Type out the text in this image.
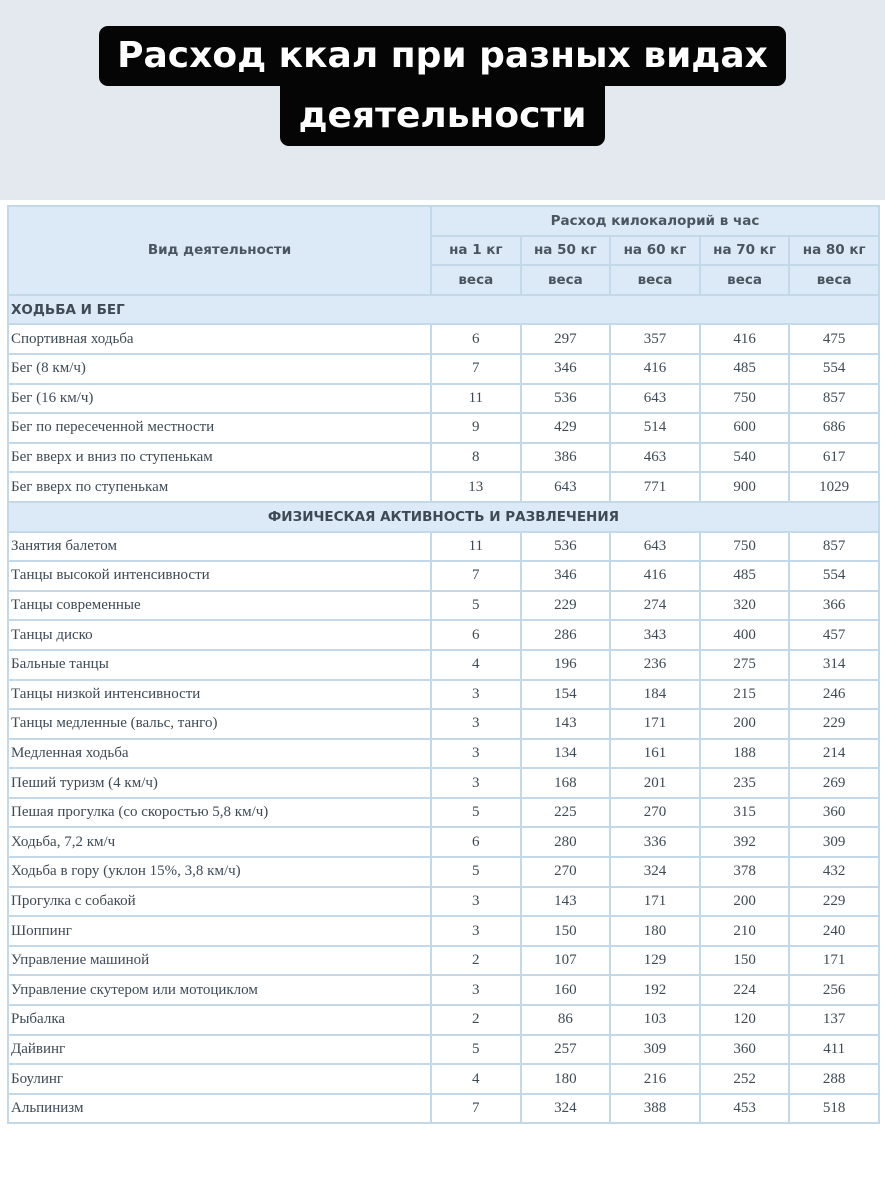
Расход ккал при разных видах
деятельности
Вид деятельности	Расход килокалорий в час				
	на 1 кг	на 50 кг	на 60 кг	на 70 кг	на 80 кг
	веса	веса	веса	веса	веса
ХОДЬБА И БЕГ					
Спортивная ходьба	6	297	357	416	475
Бег (8 км/ч)	7	346	416	485	554
Бег (16 км/ч)	11	536	643	750	857
Бег по пересеченной местности	9	429	514	600	686
Бег вверх и вниз по ступенькам	8	386	463	540	617
Бег вверх по ступенькам	13	643	771	900	1029
ФИЗИЧЕСКАЯ АКТИВНОСТЬ И РАЗВЛЕЧЕНИЯ					
Занятия балетом	11	536	643	750	857
Танцы высокой интенсивности	7	346	416	485	554
Танцы современные	5	229	274	320	366
Танцы диско	6	286	343	400	457
Бальные танцы	4	196	236	275	314
Танцы низкой интенсивности	3	154	184	215	246
Танцы медленные (вальс, танго)	3	143	171	200	229
Медленная ходьба	3	134	161	188	214
Пеший туризм (4 км/ч)	3	168	201	235	269
Пешая прогулка (со скоростью 5,8 км/ч)	5	225	270	315	360
Ходьба, 7,2 км/ч	6	280	336	392	309
Ходьба в гору (уклон 15%, 3,8 км/ч)	5	270	324	378	432
Прогулка с собакой	3	143	171	200	229
Шоппинг	3	150	180	210	240
Управление машиной	2	107	129	150	171
Управление скутером или мотоциклом	3	160	192	224	256
Рыбалка	2	86	103	120	137
Дайвинг	5	257	309	360	411
Боулинг	4	180	216	252	288
Альпинизм	7	324	388	453	518
